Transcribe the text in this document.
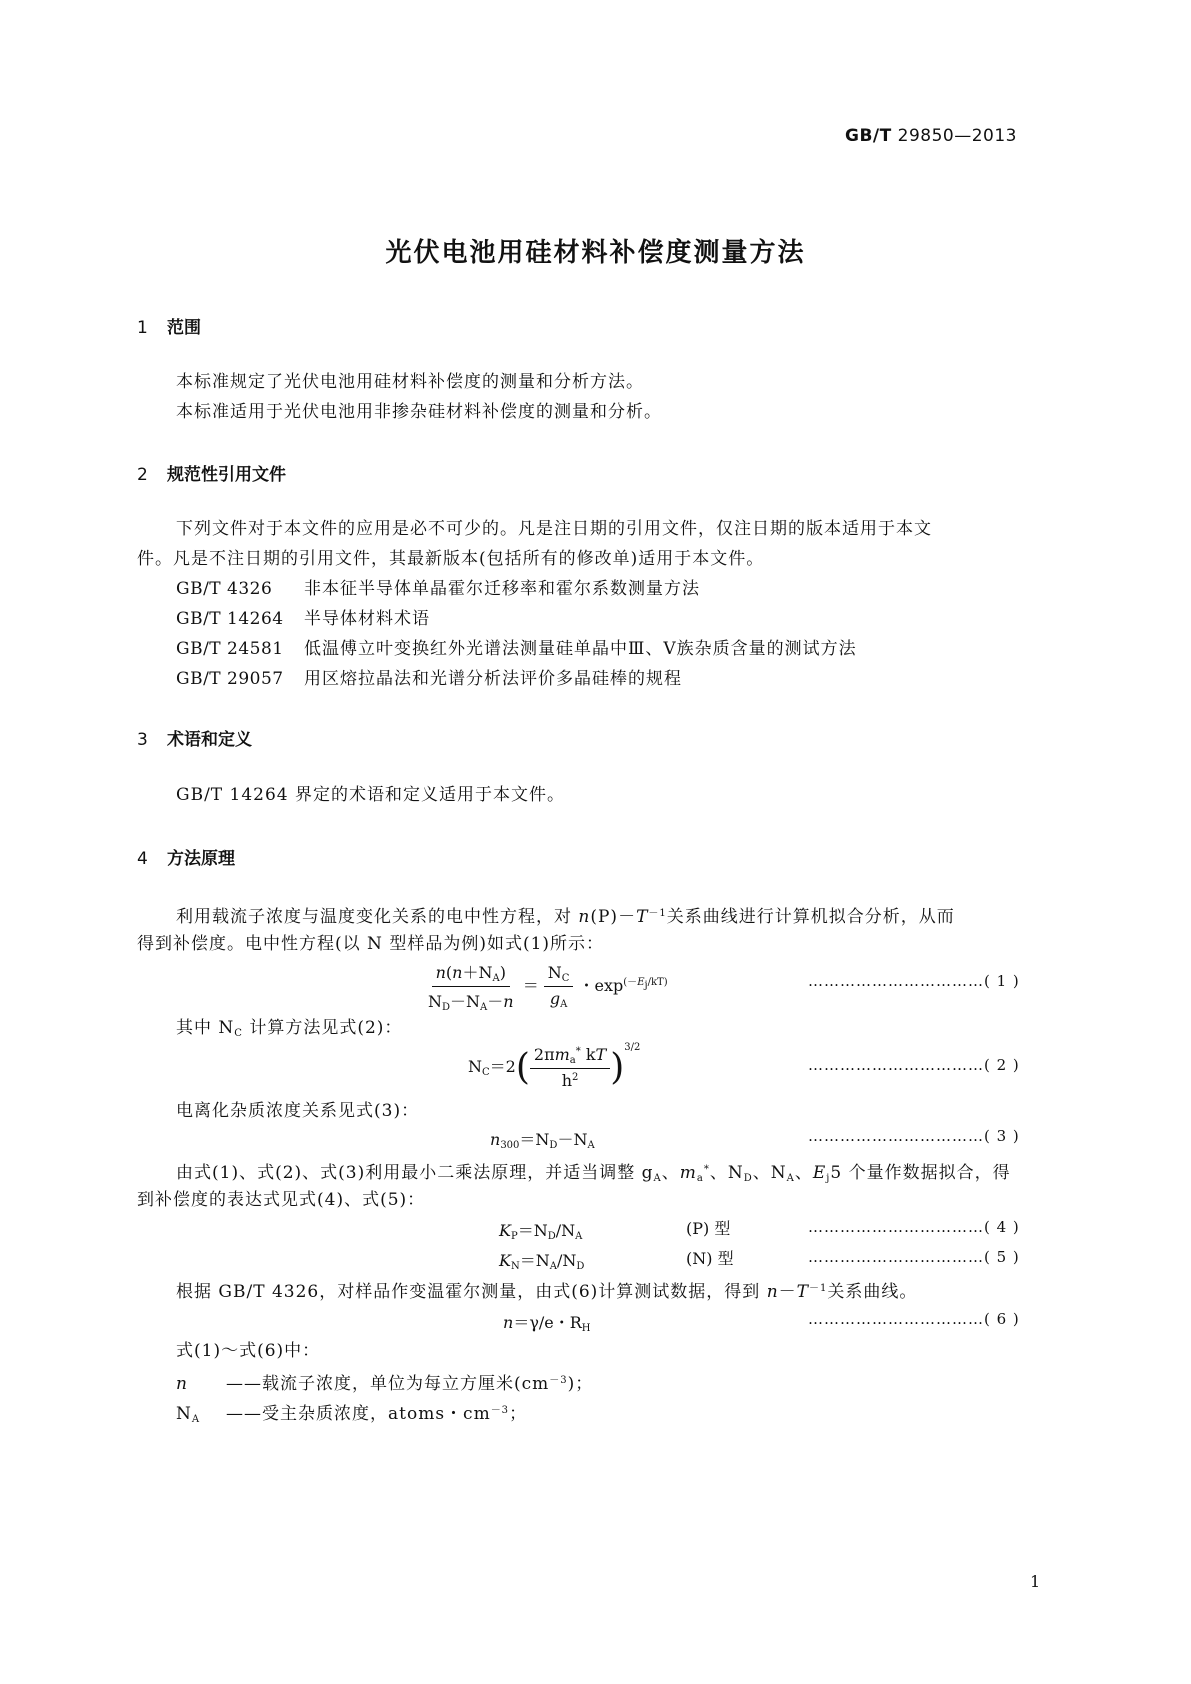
GB/T 29850—2013
光伏电池用硅材料补偿度测量方法
1 范围
本标准规定了光伏电池用硅材料补偿度的测量和分析方法。
本标准适用于光伏电池用非掺杂硅材料补偿度的测量和分析。
2 规范性引用文件
下列文件对于本文件的应用是必不可少的。凡是注日期的引用文件，仅注日期的版本适用于本文
件。凡是不注日期的引用文件，其最新版本(包括所有的修改单)适用于本文件。
GB/T 4326 非本征半导体单晶霍尔迁移率和霍尔系数测量方法
GB/T 14264 半导体材料术语
GB/T 24581 低温傅立叶变换红外光谱法测量硅单晶中Ⅲ、Ⅴ族杂质含量的测试方法
GB/T 29057 用区熔拉晶法和光谱分析法评价多晶硅棒的规程
3 术语和定义
GB/T 14264 界定的术语和定义适用于本文件。
4 方法原理
利用载流子浓度与温度变化关系的电中性方程，对 $n(P)-T^{-1}$关系曲线进行计算机拟合分析，从而
得到补偿度。电中性方程(以 N 型样品为例)如式(1)所示：
$\frac{n(n+N_A)}{N_D-N_A-n} = \frac{N_C}{g_A}$ ・$\exp^{(-E_j/kT)}$	……………………………( 1 )
其中 $N_C$ 计算方法见式(2)：
$N_C=2( \frac{2\pi m_a^* kT}{h^2} )^{3/2}$
……………………………( 2 )
电离化杂质浓度关系见式(3)：
$n_{300}=N_D-N_A$
……………………………( 3 )
由式(1)、式(2)、式(3)利用最小二乘法原理，并适当调整 $g_A$、$m_a^*$、$N_D$、$N_A$、$E_j5$ 个量作数据拟合，得
到补偿度的表达式见式(4)、式(5)：
$K_P=N_D/N_A$	(P) 型	……………………………( 4 )
$K_N=N_A/N_D$	(N) 型	……………………………( 5 )
根据 GB/T 4326，对样品作变温霍尔测量，由式(6)计算测试数据，得到 $n-T^{-1}$关系曲线。
n＝γ/e・$R_H$
……………………………( 6 )
式(1)～式(6)中：
n ——载流子浓度，单位为每立方厘米$(cm^{-3})$；
$N_A$ ——受主杂质浓度，atoms・$cm^{-3}$；
1
